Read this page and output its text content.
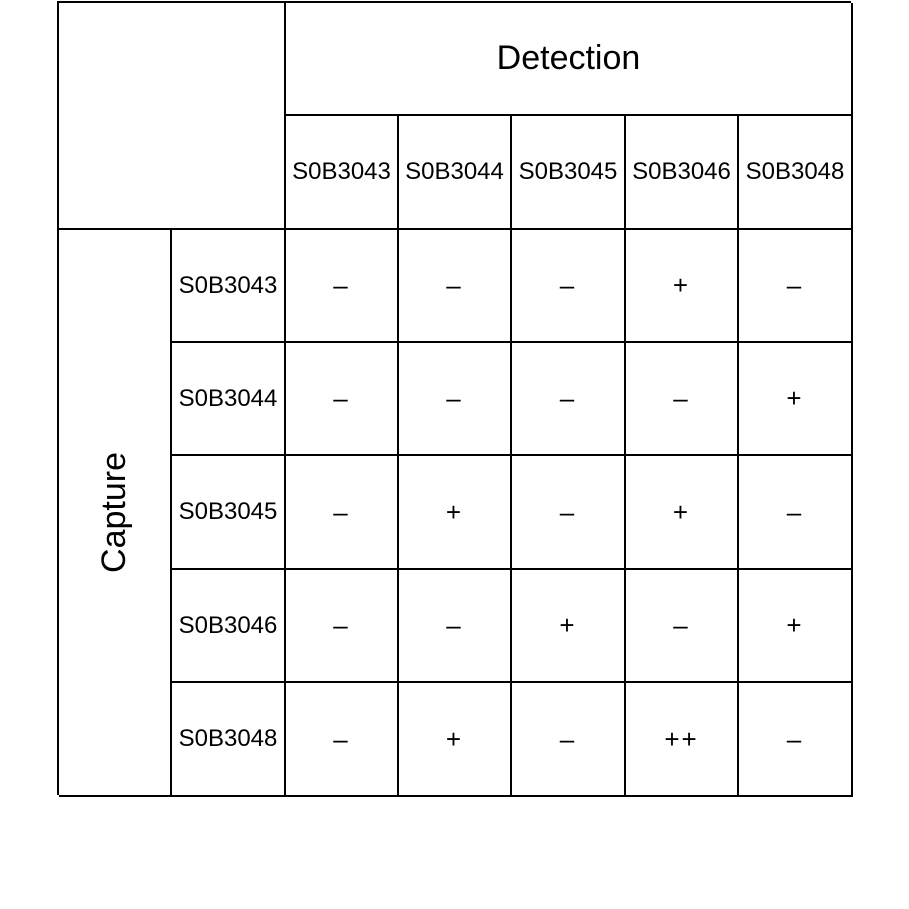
Detection
S0B3043 S0B3044 S0B3045 S0B3046 S0B3048
Capture
S0B3043 –	–	–	+	–
S0B3044 –	–	–	–	+
S0B3045 –	+	–	+	–
S0B3046 –	–	+	–	+
S0B3048 –	+	–	++	–
